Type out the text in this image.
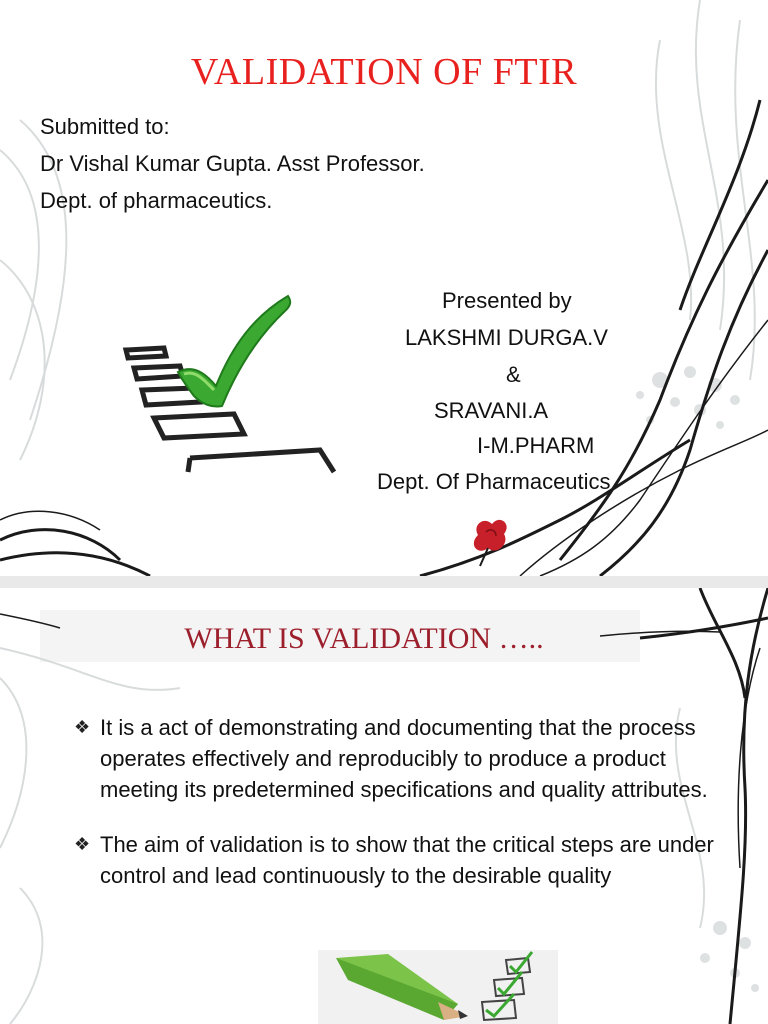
VALIDATION OF FTIR
Submitted to:
Dr Vishal Kumar Gupta. Asst Professor.
Dept. of pharmaceutics.
Presented by
LAKSHMI DURGA.V
&
SRAVANI.A
I-M.PHARM
Dept. Of Pharmaceutics
WHAT IS VALIDATION …..
❖ It is a act of demonstrating and documenting that the process operates effectively and reproducibly to produce a product meeting its predetermined specifications and quality attributes.
❖ The aim of validation is to show that the critical steps are under control and lead continuously to the desirable quality
